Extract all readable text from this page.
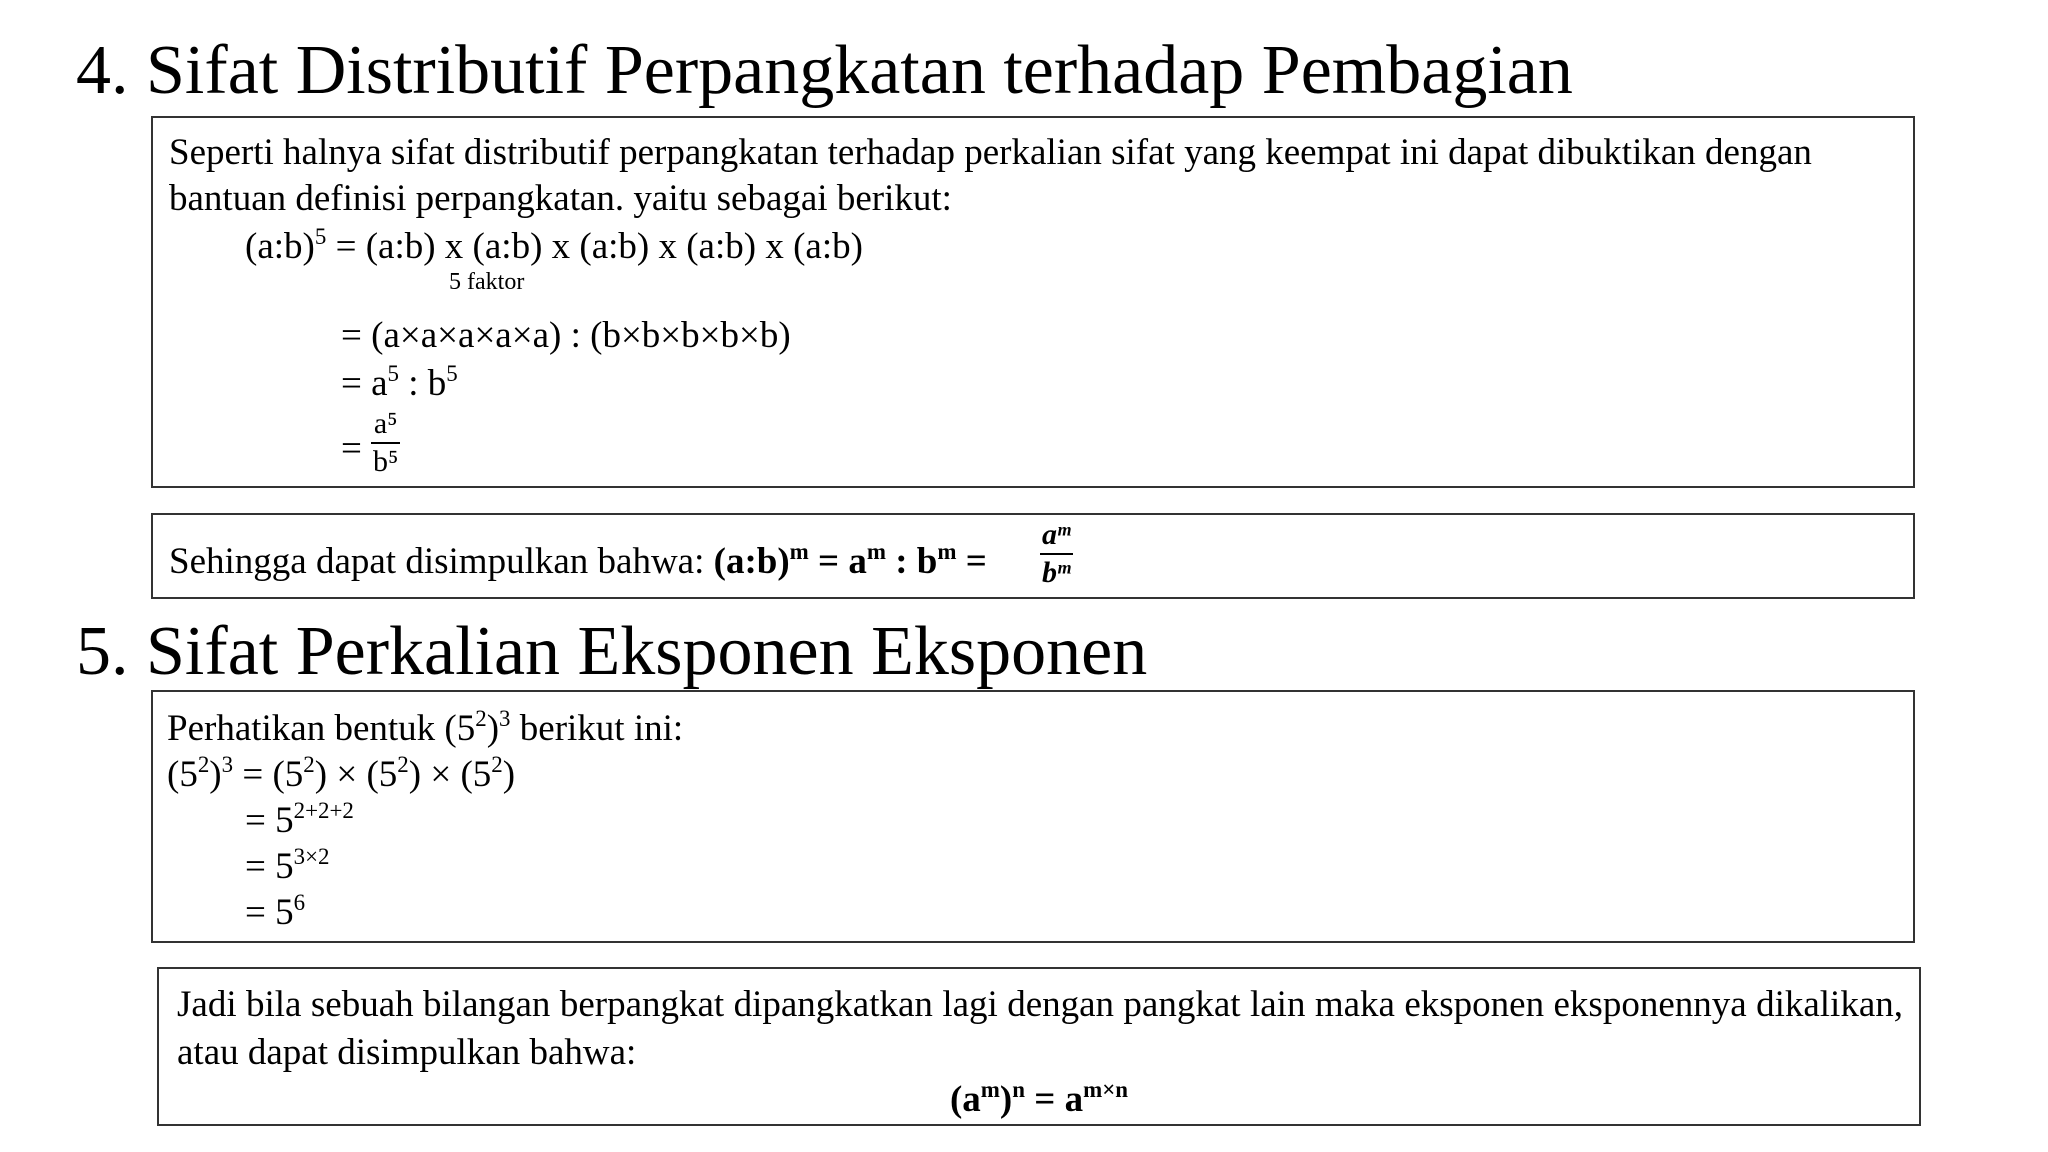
4. Sifat Distributif Perpangkatan terhadap Pembagian
Seperti halnya sifat distributif perpangkatan terhadap perkalian sifat yang keempat ini dapat dibuktikan dengan
bantuan definisi perpangkatan. yaitu sebagai berikut:
(a:b)$^5$ = (a:b) x (a:b) x (a:b) x (a:b) x (a:b)
5 faktor
= (a×a×a×a×a) : (b×b×b×b×b)
= $a^5$ : $b^5$
=
a⁵
b⁵
Sehingga dapat disimpulkan bahwa: (a:b)$^m$ = $a^m$ : $b^m$ =
aᵐ
bᵐ
5. Sifat Perkalian Eksponen Eksponen
Perhatikan bentuk $(5^2)^3$ berikut ini:
$(5^2)^3 = (5^2) \times (5^2) \times (5^2)$
= $5^{2+2+2}$
= $5^{3\times 2}$
= $5^6$
Jadi bila sebuah bilangan berpangkat dipangkatkan lagi dengan pangkat lain maka eksponen eksponennya dikalikan, atau dapat disimpulkan bahwa:
$(a^m)^n = a^{m\times n}$
